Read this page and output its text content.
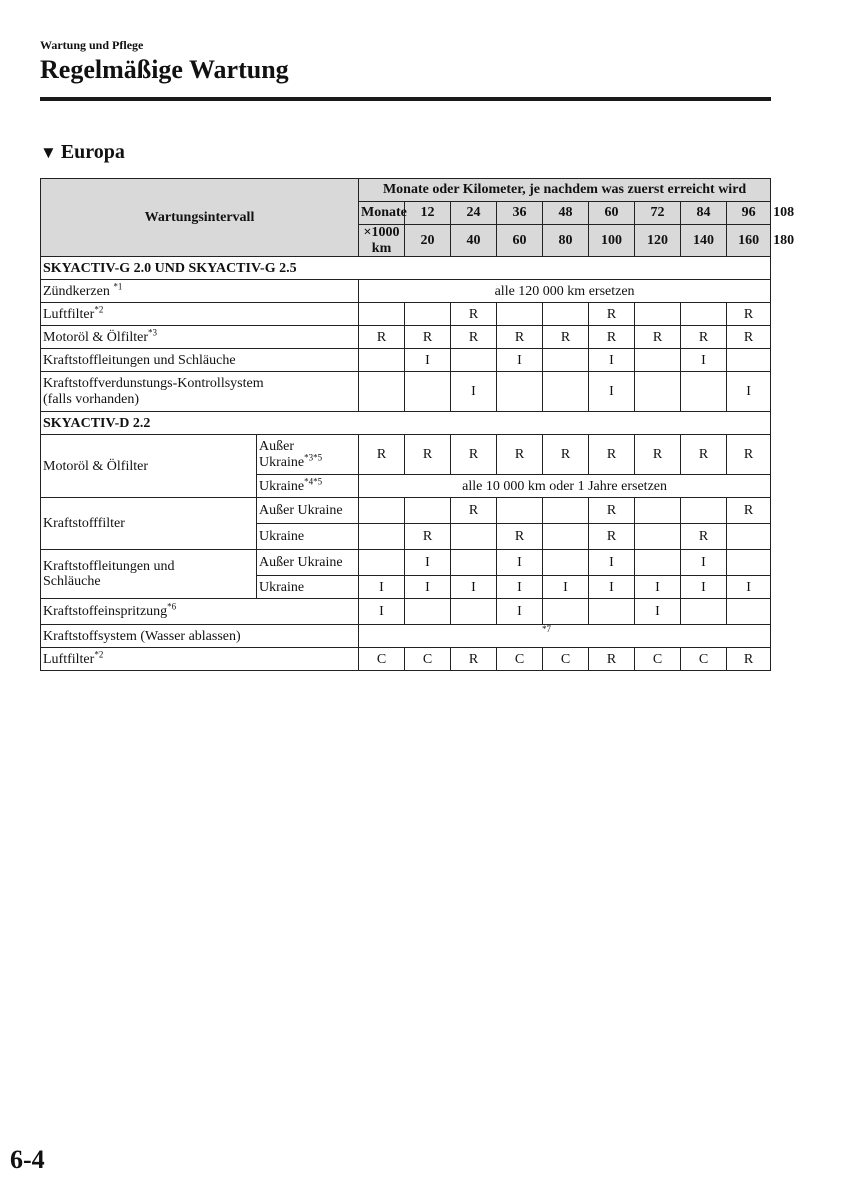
Wartung und Pflege
Regelmäßige Wartung
▼ Europa
Wartungsintervall		Monate oder Kilometer, je nachdem was zuerst erreicht wird									
		Monate	12	24	36	48	60	72	84	96	108
		×1000 km	20	40	60	80	100	120	140	160	180
SKYACTIV-G 2.0 UND SKYACTIV-G 2.5											
Zündkerzen $^{*1}$		alle 120 000 km ersetzen									
Luftfilter$^{*2}$				R			R			R	
Motoröl & Ölfilter$^{*3}$		R	R	R	R	R	R	R	R	R	
Kraftstoffleitungen und Schläuche			I		I		I		I		
Kraftstoffverdunstungs-Kontrollsystem
(falls vorhanden)				I			I			I	
SKYACTIV-D 2.2											
Motoröl & Ölfilter	Außer
Ukraine$^{*3*5}$	R	R	R	R	R	R	R	R	R	
	Ukraine$^{*4*5}$	alle 10 000 km oder 1 Jahre ersetzen									
Kraftstofffilter	Außer Ukraine			R			R			R	
	Ukraine		R		R		R		R		
Kraftstoffleitungen und
Schläuche	Außer Ukraine		I		I		I		I		
	Ukraine	I	I	I	I	I	I	I	I	I	
Kraftstoffeinspritzung$^{*6}$		I			I			I			
Kraftstoffsystem (Wasser ablassen)		*7									

Luftfilter$^{*2}$		C	C	R	C	C	R	C	C	R	
6-4
